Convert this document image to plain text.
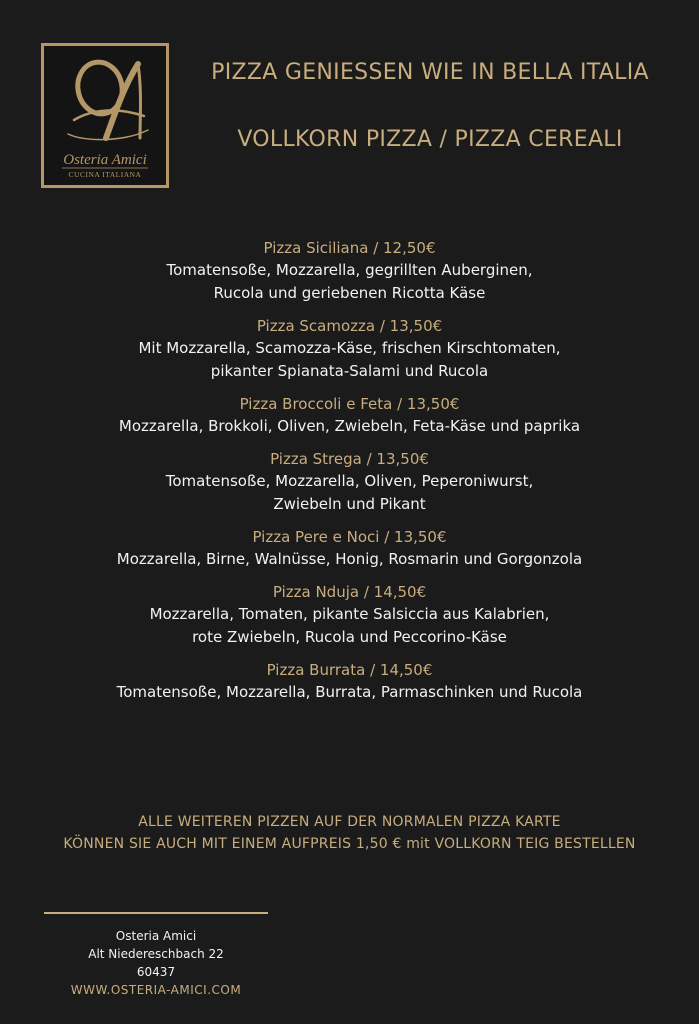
Osteria Amici
CUCINA ITALIANA
PIZZA GENIESSEN WIE IN BELLA ITALIA
VOLLKORN PIZZA / PIZZA CEREALI
Pizza Siciliana / 12,50€
Tomatensoße, Mozzarella, gegrillten Auberginen,
Rucola und geriebenen Ricotta Käse
Pizza Scamozza / 13,50€
Mit Mozzarella, Scamozza-Käse, frischen Kirschtomaten,
pikanter Spianata-Salami und Rucola
Pizza Broccoli e Feta / 13,50€
Mozzarella, Brokkoli, Oliven, Zwiebeln, Feta-Käse und paprika
Pizza Strega / 13,50€
Tomatensoße, Mozzarella, Oliven, Peperoniwurst,
Zwiebeln und Pikant
Pizza Pere e Noci / 13,50€
Mozzarella, Birne, Walnüsse, Honig, Rosmarin und Gorgonzola
Pizza Nduja / 14,50€
Mozzarella, Tomaten, pikante Salsiccia aus Kalabrien,
rote Zwiebeln, Rucola und Peccorino-Käse
Pizza Burrata / 14,50€
Tomatensoße, Mozzarella, Burrata, Parmaschinken und Rucola
ALLE WEITEREN PIZZEN AUF DER NORMALEN PIZZA KARTE
KÖNNEN SIE AUCH MIT EINEM AUFPREIS 1,50 € mit VOLLKORN TEIG BESTELLEN
Osteria Amici
Alt Niedereschbach 22
60437
WWW.OSTERIA-AMICI.COM
